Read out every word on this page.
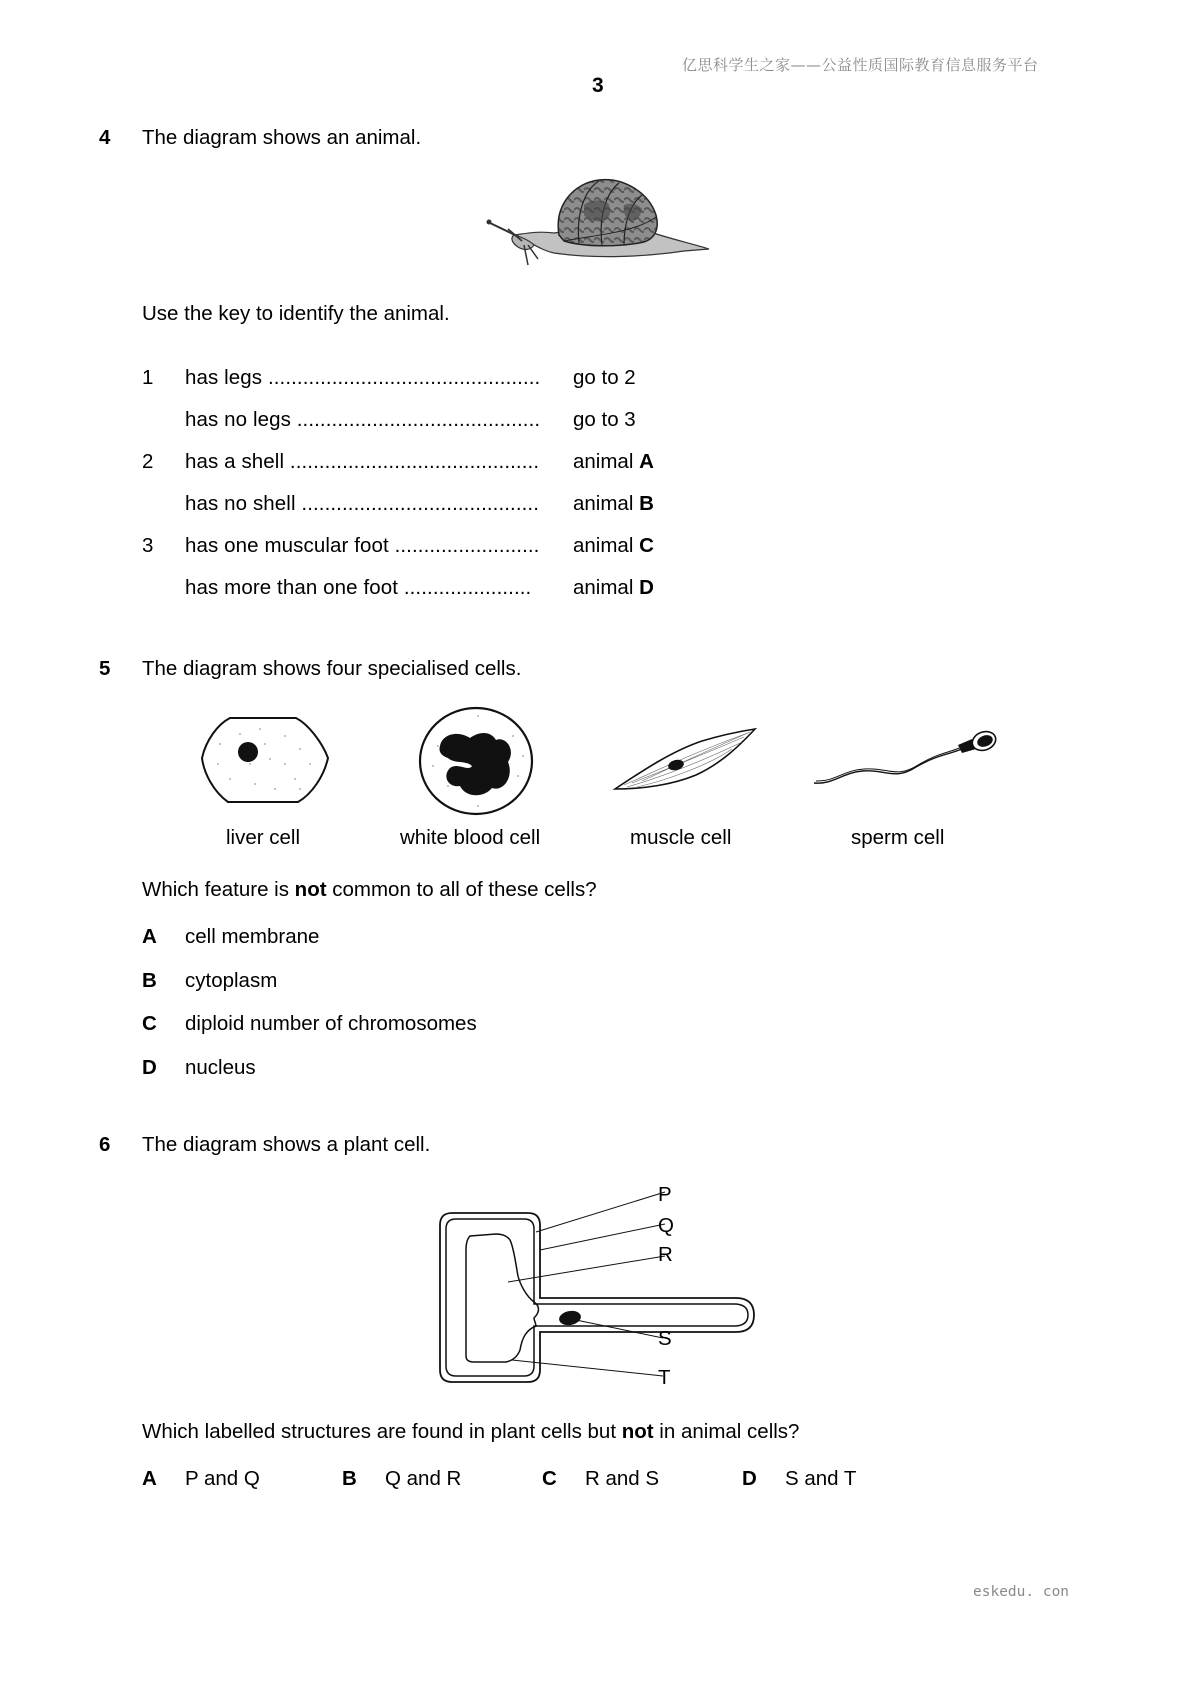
亿思科学生之家——公益性质国际教育信息服务平台
3
4 The diagram shows an animal.
Use the key to identify the animal.
1 has legs ...............................................	go to 2
has no legs ..........................................	go to 3
2 has a shell ...........................................	animal A
has no shell .........................................	animal B
3 has one muscular foot .........................	animal C
has more than one foot ......................	animal D
5 The diagram shows four specialised cells.
liver cell	white blood cell	muscle cell	sperm cell
Which feature is not common to all of these cells?
A cell membrane
B cytoplasm
C diploid number of chromosomes
D nucleus
6 The diagram shows a plant cell.
P
Q
R
S
T
Which labelled structures are found in plant cells but not in animal cells?
A P and Q	B Q and R	C R and S	D S and T
eskedu. con
